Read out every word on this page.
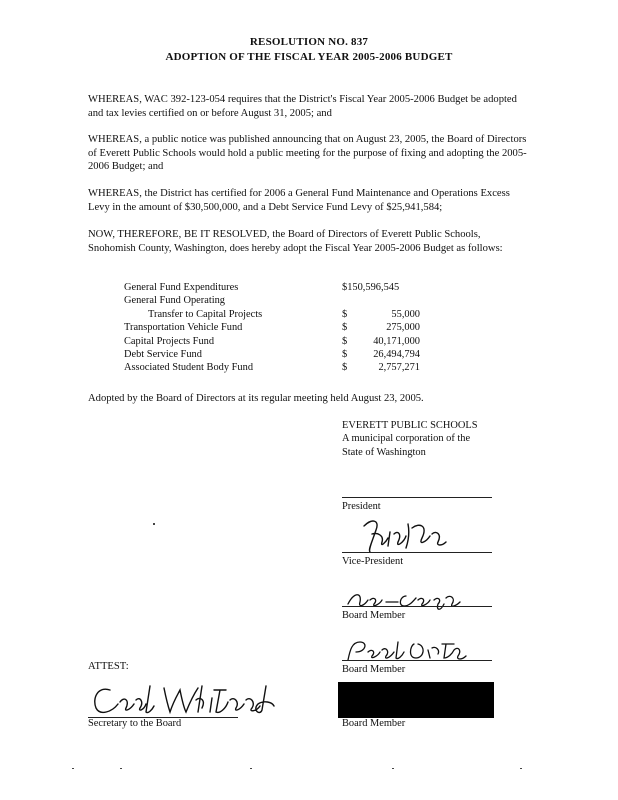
RESOLUTION NO. 837
ADOPTION OF THE FISCAL YEAR 2005-2006 BUDGET

WHEREAS, WAC 392-123-054 requires that the District's Fiscal Year 2005-2006 Budget be adopted and tax levies certified on or before August 31, 2005; and

WHEREAS, a public notice was published announcing that on August 23, 2005, the Board of Directors of Everett Public Schools would hold a public meeting for the purpose of fixing and adopting the 2005-2006 Budget; and

WHEREAS, the District has certified for 2006 a General Fund Maintenance and Operations Excess Levy in the amount of $30,500,000, and a Debt Service Fund Levy of $25,941,584;

NOW, THEREFORE, BE IT RESOLVED, the Board of Directors of Everett Public Schools, Snohomish County, Washington, does hereby adopt the Fiscal Year 2005-2006 Budget as follows:

General Fund Expenditures	$150,596,545
General Fund Operating
Transfer to Capital Projects	$	55,000
Transportation Vehicle Fund	$	275,000
Capital Projects Fund	$	40,171,000
Debt Service Fund	$	26,494,794
Associated Student Body Fund	$	2,757,271
Adopted by the Board of Directors at its regular meeting held August 23, 2005.
EVERETT PUBLIC SCHOOLS
A municipal corporation of the
State of Washington
President
Vice-President
Board Member
Board Member
Board Member
ATTEST:
Secretary to the Board
